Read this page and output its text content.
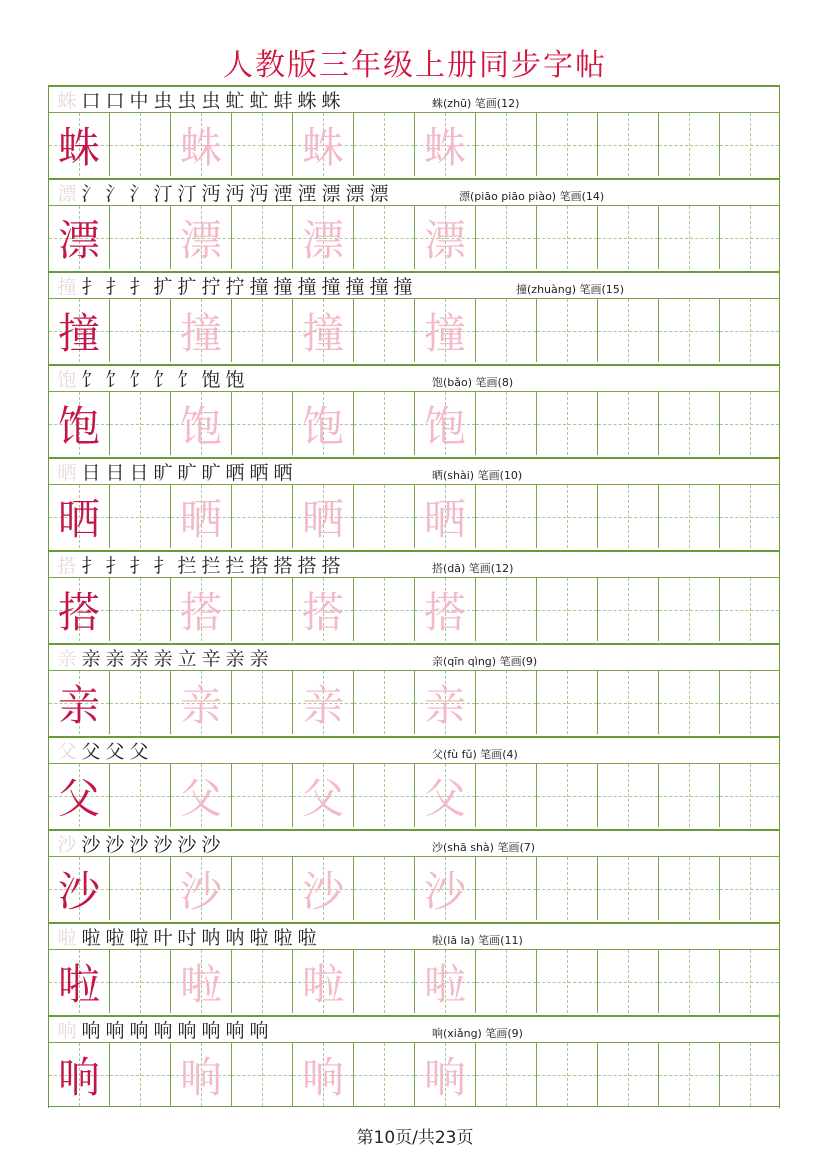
人教版三年级上册同步字帖
蛛 口 口 中 虫 虫 虫 虻 虻 蚌 蛛 蛛	蛛(zhū) 笔画(12)
蛛 蛛 蛛 蛛
漂 氵 氵 氵 汀 汀 沔 沔 沔 湮 湮 漂 漂 漂	漂(piāo piāo piào) 笔画(14)
漂 漂 漂 漂
撞 扌 扌 扌 扩 扩 拧 拧 撞 撞 撞 撞 撞 撞 撞	撞(zhuàng) 笔画(15)
撞 撞 撞 撞
饱 饣 饣 饣 饣 饣 饱 饱	饱(bǎo) 笔画(8)
饱 饱 饱 饱
晒 日 日 日 旷 旷 旷 晒 晒 晒	晒(shài) 笔画(10)
晒 晒 晒 晒
搭 扌 扌 扌 扌 拦 拦 拦 搭 搭 搭 搭	搭(dā) 笔画(12)
搭 搭 搭 搭
亲 亲 亲 亲 亲 立 辛 亲 亲	亲(qīn qìng) 笔画(9)
亲 亲 亲 亲
父 父 父 父	父(fù fǔ) 笔画(4)
父 父 父 父
沙 沙 沙 沙 沙 沙 沙	沙(shā shà) 笔画(7)
沙 沙 沙 沙
啦 啦 啦 啦 叶 吋 呐 呐 啦 啦 啦	啦(lā la) 笔画(11)
啦 啦 啦 啦
响 响 响 响 响 响 响 响 响	响(xiǎng) 笔画(9)
响 响 响 响
第10页/共23页
